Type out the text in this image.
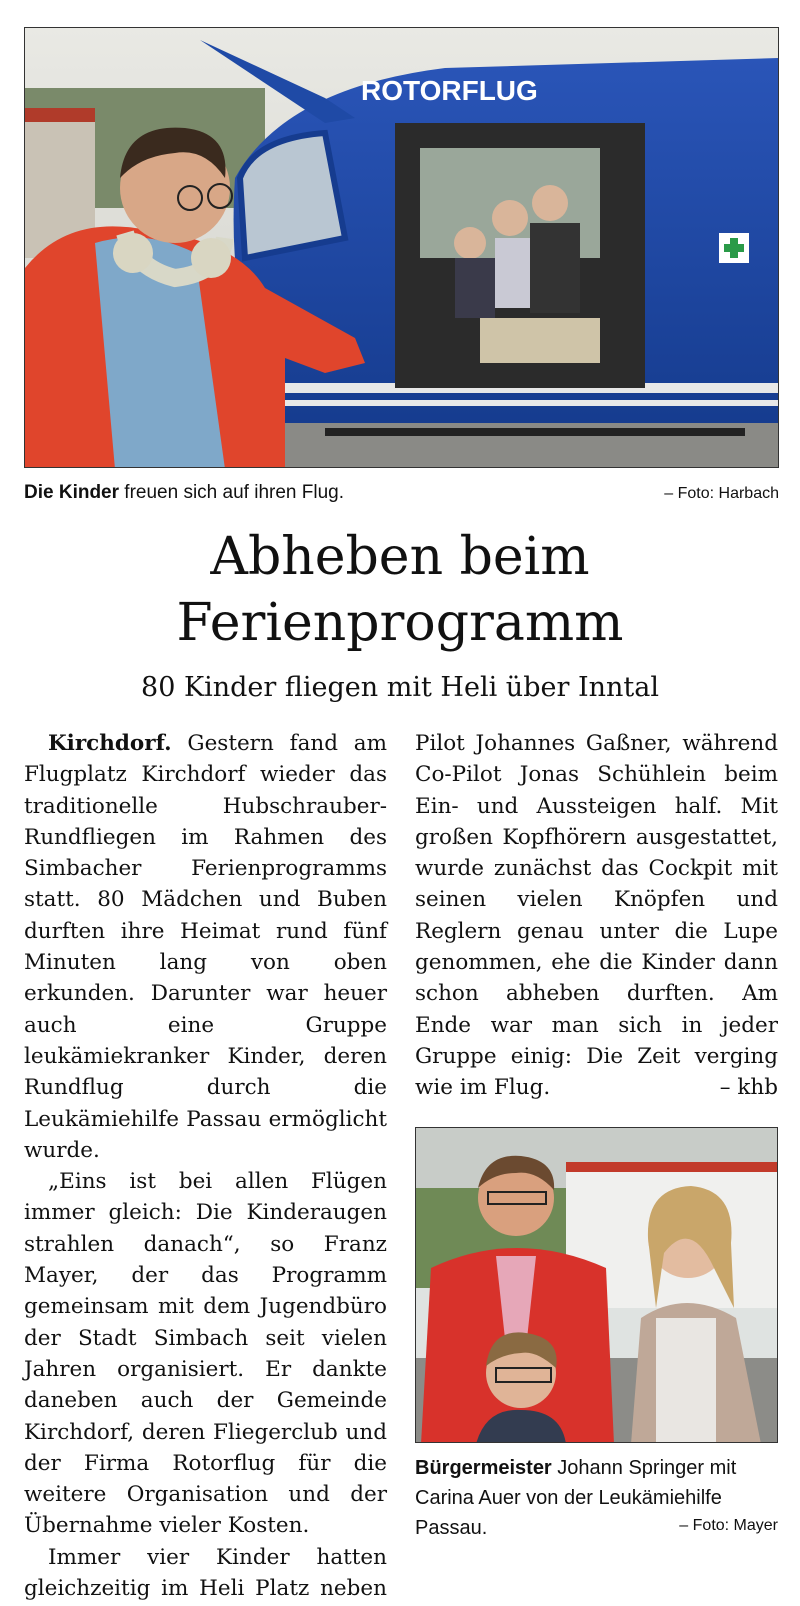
ROTORFLUG
Die Kinder freuen sich auf ihren Flug.	– Foto: Harbach
Abheben beim
Ferienprogramm
80 Kinder fliegen mit Heli über Inntal

Kirchdorf. Gestern fand am Flugplatz Kirchdorf wieder das traditionelle Hubschrauber-Rundfliegen im Rahmen des Simbacher Ferienprogramms statt. 80 Mädchen und Buben durften ihre Heimat rund fünf Minuten lang von oben erkunden. Darunter war heuer auch eine Gruppe leukämiekranker Kinder, deren Rundflug durch die Leukämiehilfe Passau ermöglicht wurde.

„Eins ist bei allen Flügen immer gleich: Die Kinderaugen strahlen danach“, so Franz Mayer, der das Programm gemeinsam mit dem Jugendbüro der Stadt Simbach seit vielen Jahren organisiert. Er dankte daneben auch der Gemeinde Kirchdorf, deren Fliegerclub und der Firma Rotorflug für die weitere Organisation und der Übernahme vieler Kosten.

Immer vier Kinder hatten gleichzeitig im Heli Platz neben

Pilot Johannes Gaßner, während Co-Pilot Jonas Schühlein beim Ein- und Aussteigen half. Mit großen Kopfhörern ausgestattet, wurde zunächst das Cockpit mit seinen vielen Knöpfen und Reglern genau unter die Lupe genommen, ehe die Kinder dann schon abheben durften. Am Ende war man sich in jeder Gruppe einig: Die Zeit verging wie im Flug.	– khb
Bürgermeister Johann Springer mit Carina Auer von der Leukämiehilfe Passau.	– Foto: Mayer
